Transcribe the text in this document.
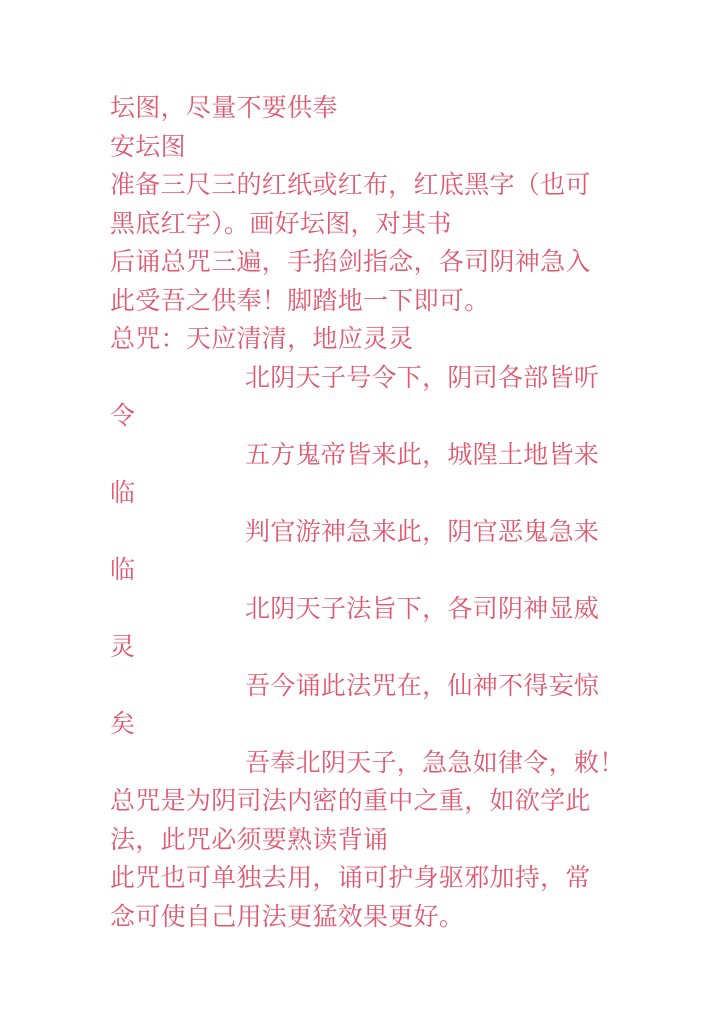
坛图，尽量不要供奉
安坛图
准备三尺三的红纸或红布，红底黑字（也可
黑底红字）。画好坛图，对其书
后诵总咒三遍，手掐剑指念，各司阴神急入
此受吾之供奉！脚踏地一下即可。
总咒：天应清清，地应灵灵
北阴天子号令下，阴司各部皆听
令
五方鬼帝皆来此，城隍土地皆来
临
判官游神急来此，阴官恶鬼急来
临
北阴天子法旨下，各司阴神显威
灵
吾今诵此法咒在，仙神不得妄惊
矣
吾奉北阴天子，急急如律令，敕！
总咒是为阴司法内密的重中之重，如欲学此
法，此咒必须要熟读背诵
此咒也可单独去用，诵可护身驱邪加持，常
念可使自己用法更猛效果更好。
